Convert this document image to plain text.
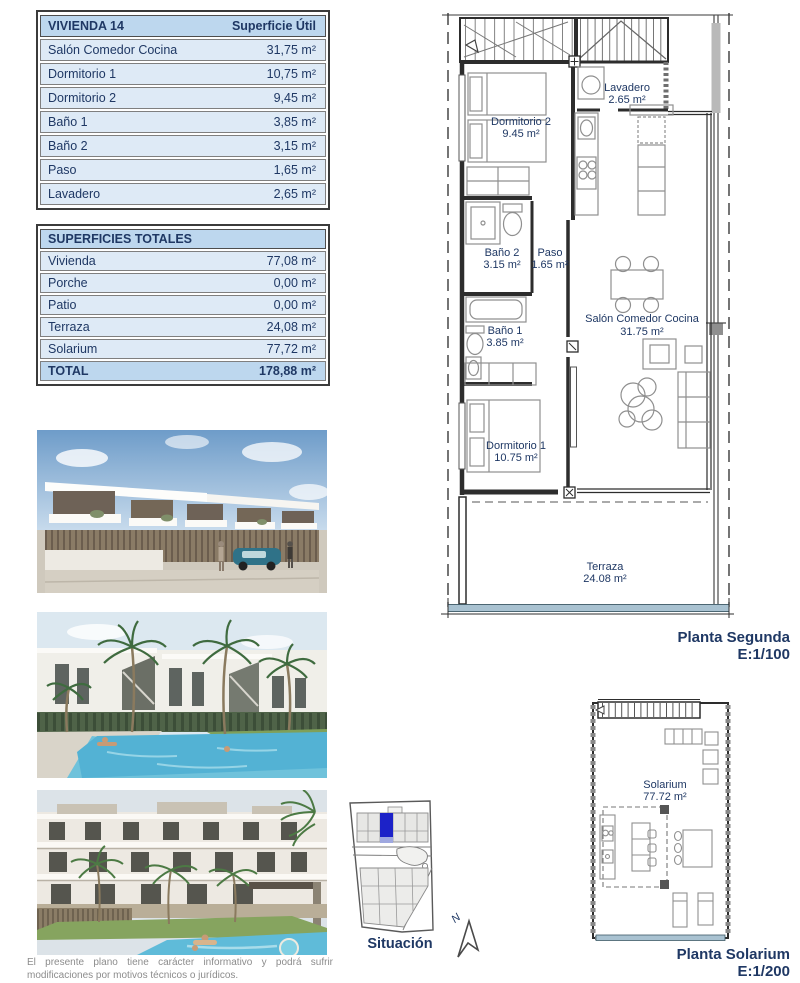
VIVIENDA 14	Superficie Útil
Salón Comedor Cocina	31,75 m²
Dormitorio 1	10,75 m²
Dormitorio 2	9,45 m²
Baño 1	3,85 m²
Baño 2	3,15 m²
Paso	1,65 m²
Lavadero	2,65 m²
SUPERFICIES TOTALES
Vivienda	77,08 m²
Porche	0,00 m²
Patio	0,00 m²
Terraza	24,08 m²
Solarium	77,72 m²
TOTAL	178,88 m²
Lavadero
2.65 m²
Dormitorio 2
9.45 m²
Baño 2
3.15 m²
Paso
1.65 m²
Baño 1
3.85 m²
Salón Comedor Cocina
31.75 m²
Dormitorio 1
10.75 m²
Terraza
24.08 m²
Planta Segunda
E:1/100
Solarium
77.72 m²
Planta Solarium
E:1/200
Situación
N
El presente plano tiene carácter informativo y podrá sufrir modificaciones por motivos técnicos o jurídicos.
